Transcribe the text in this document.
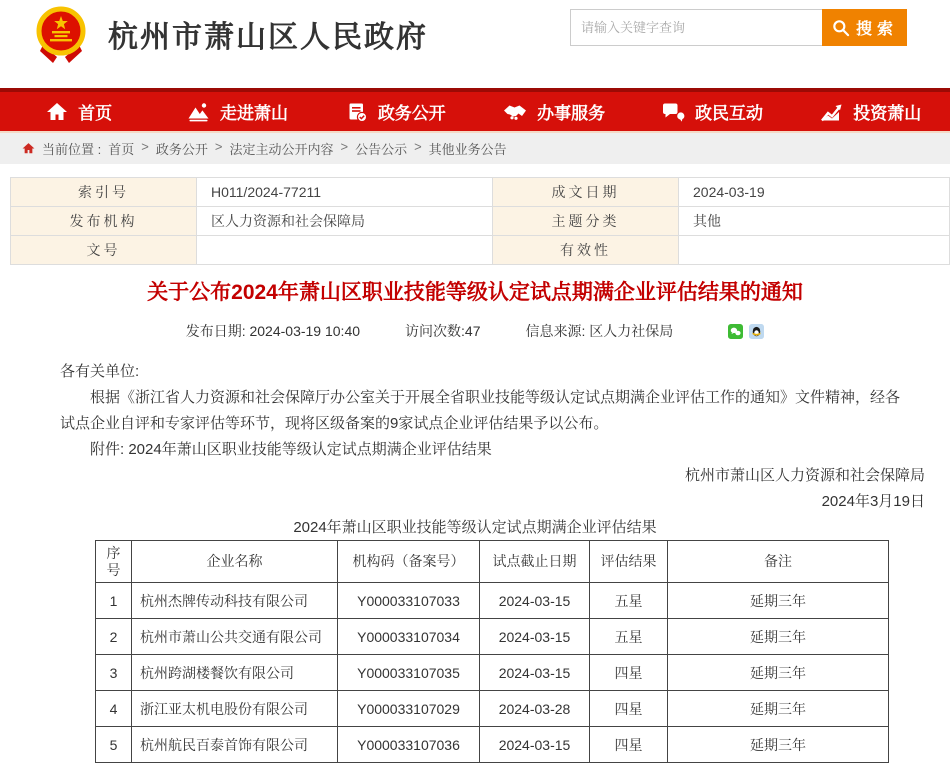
杭州市萧山区人民政府
请输入关键字查询	搜索
首页	走进萧山	政务公开	办事服务	政民互动	投资萧山
当前位置 : 首页 > 政务公开 > 法定主动公开内容 > 公告公示 > 其他业务公告
索引号	H011/2024-77211	成文日期	2024-03-19
发布机构	区人力资源和社会保障局	主题分类	其他
文号		有效性	
关于公布2024年萧山区职业技能等级认定试点期满企业评估结果的通知
发布日期: 2024-03-19 10:40	访问次数:47	信息来源: 区人力社保局

各有关单位:

根据《浙江省人力资源和社会保障厅办公室关于开展全省职业技能等级认定试点期满企业评估工作的通知》文件精神，经各试点企业自评和专家评估等环节，现将区级备案的9家试点企业评估结果予以公布。

附件: 2024年萧山区职业技能等级认定试点期满企业评估结果

杭州市萧山区人力资源和社会保障局
2024年3月19日
2024年萧山区职业技能等级认定试点期满企业评估结果
序号	企业名称	机构码（备案号）	试点截止日期	评估结果	备注
1	杭州杰牌传动科技有限公司	Y000033107033	2024-03-15	五星	延期三年
2	杭州市萧山公共交通有限公司	Y000033107034	2024-03-15	五星	延期三年
3	杭州跨湖楼餐饮有限公司	Y000033107035	2024-03-15	四星	延期三年
4	浙江亚太机电股份有限公司	Y000033107029	2024-03-28	四星	延期三年
5	杭州航民百泰首饰有限公司	Y000033107036	2024-03-15	四星	延期三年
